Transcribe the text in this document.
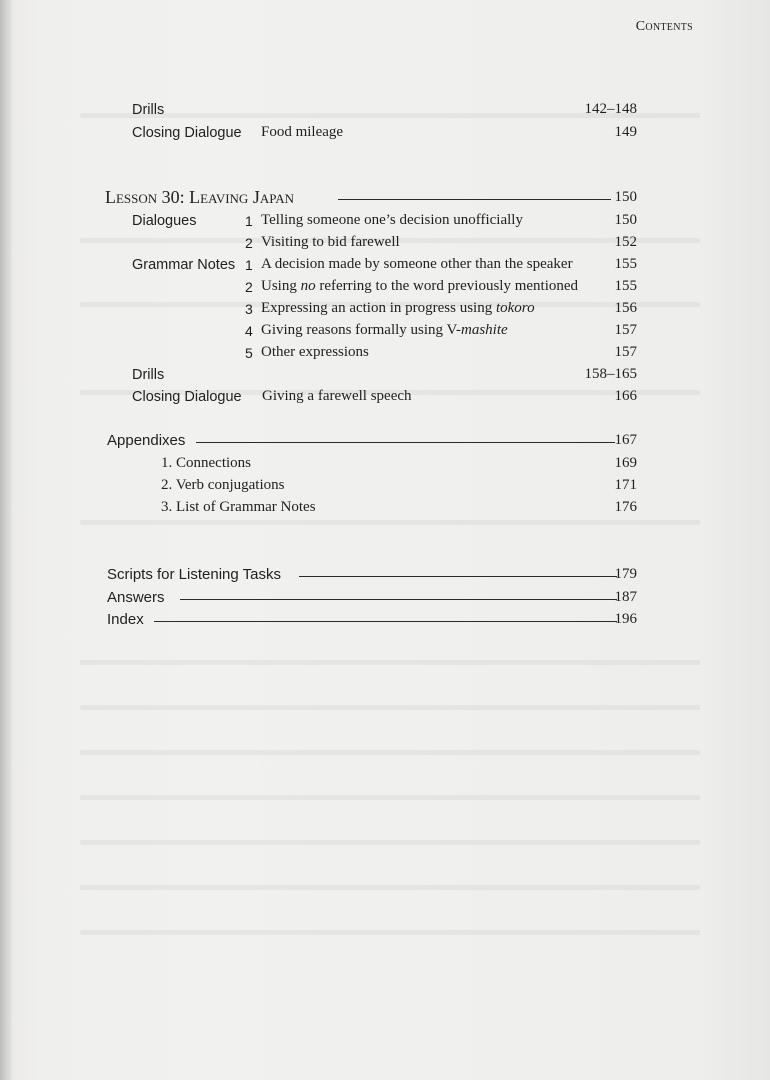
Contents
Drills	142–148
Closing Dialogue Food mileage	149
Lesson 30: Leaving Japan	150
Dialogues	1 Telling someone one’s decision unofficially	150
2 Visiting to bid farewell	152
Grammar Notes 1 A decision made by someone other than the speaker	155
2 Using no referring to the word previously mentioned 155
3 Expressing an action in progress using tokoro	156
4 Giving reasons formally using V-mashite	157
5 Other expressions	157
Drills	158–165
Closing Dialogue Giving a farewell speech	166
Appendixes	167
1. Connections	169
2. Verb conjugations	171
3. List of Grammar Notes	176
Scripts for Listening Tasks	179
Answers	187
Index	196
